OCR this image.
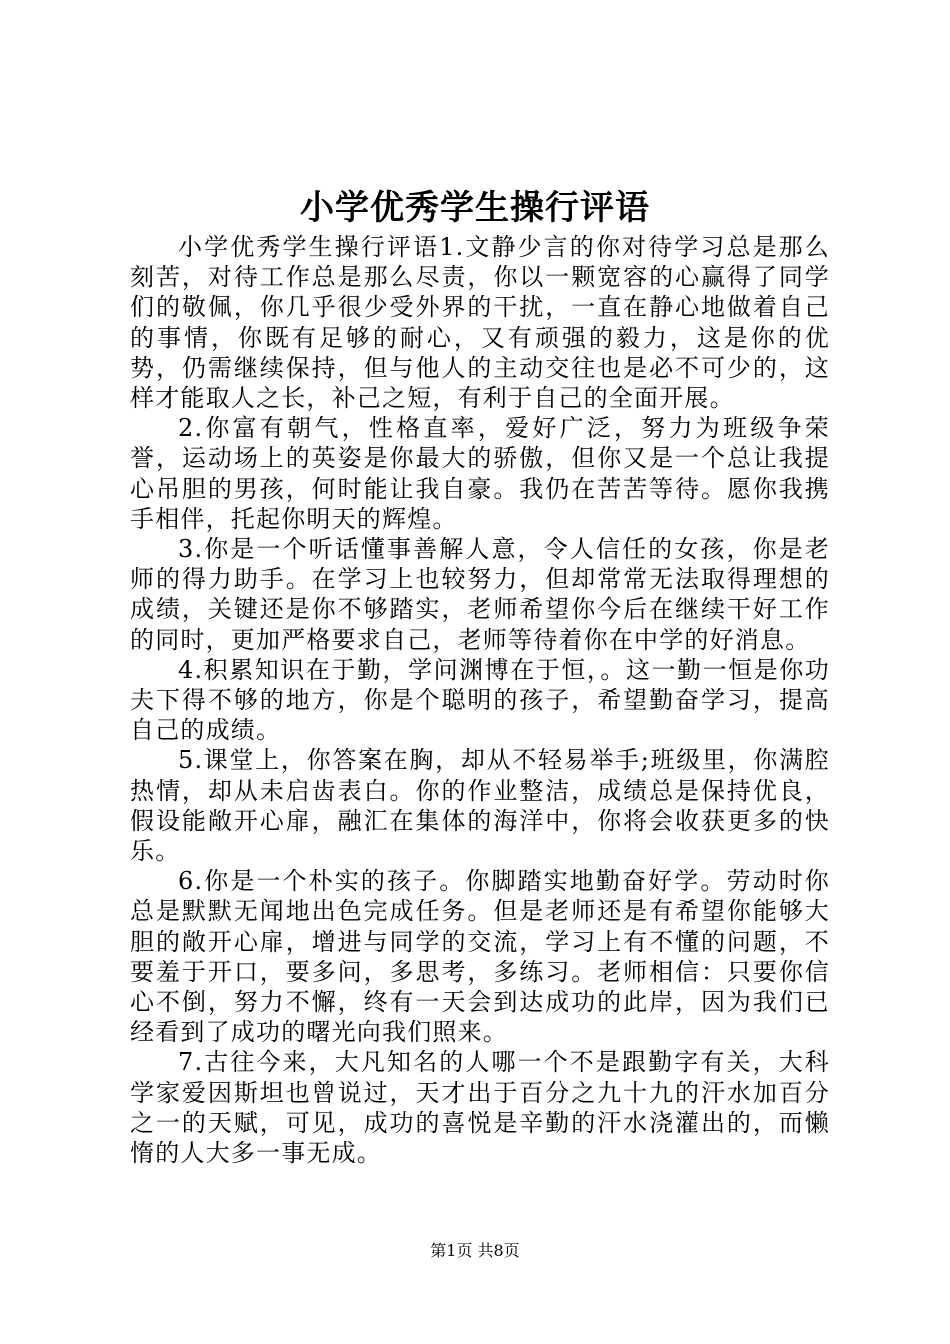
小学优秀学生操行评语

小学优秀学生操行评语1.文静少言的你对待学习总是那么刻苦，对待工作总是那么尽责，你以一颗宽容的心赢得了同学们的敬佩，你几乎很少受外界的干扰，一直在静心地做着自己的事情，你既有足够的耐心，又有顽强的毅力，这是你的优势，仍需继续保持，但与他人的主动交往也是必不可少的，这样才能取人之长，补己之短，有利于自己的全面开展。

2.你富有朝气，性格直率，爱好广泛，努力为班级争荣誉，运动场上的英姿是你最大的骄傲，但你又是一个总让我提心吊胆的男孩，何时能让我自豪。我仍在苦苦等待。愿你我携手相伴，托起你明天的辉煌。

3.你是一个听话懂事善解人意，令人信任的女孩，你是老师的得力助手。在学习上也较努力，但却常常无法取得理想的成绩，关键还是你不够踏实，老师希望你今后在继续干好工作的同时，更加严格要求自己，老师等待着你在中学的好消息。

4.积累知识在于勤，学问渊博在于恒，。这一勤一恒是你功夫下得不够的地方，你是个聪明的孩子，希望勤奋学习，提高自己的成绩。

5.课堂上，你答案在胸，却从不轻易举手;班级里，你满腔热情，却从未启齿表白。你的作业整洁，成绩总是保持优良，假设能敞开心扉，融汇在集体的海洋中，你将会收获更多的快乐。

6.你是一个朴实的孩子。你脚踏实地勤奋好学。劳动时你总是默默无闻地出色完成任务。但是老师还是有希望你能够大胆的敞开心扉，增进与同学的交流，学习上有不懂的问题，不要羞于开口，要多问，多思考，多练习。老师相信：只要你信心不倒，努力不懈，终有一天会到达成功的此岸，因为我们已经看到了成功的曙光向我们照来。

7.古往今来，大凡知名的人哪一个不是跟勤字有关，大科学家爱因斯坦也曾说过，天才出于百分之九十九的汗水加百分之一的天赋，可见，成功的喜悦是辛勤的汗水浇灌出的，而懒惰的人大多一事无成。

第1页 共8页
